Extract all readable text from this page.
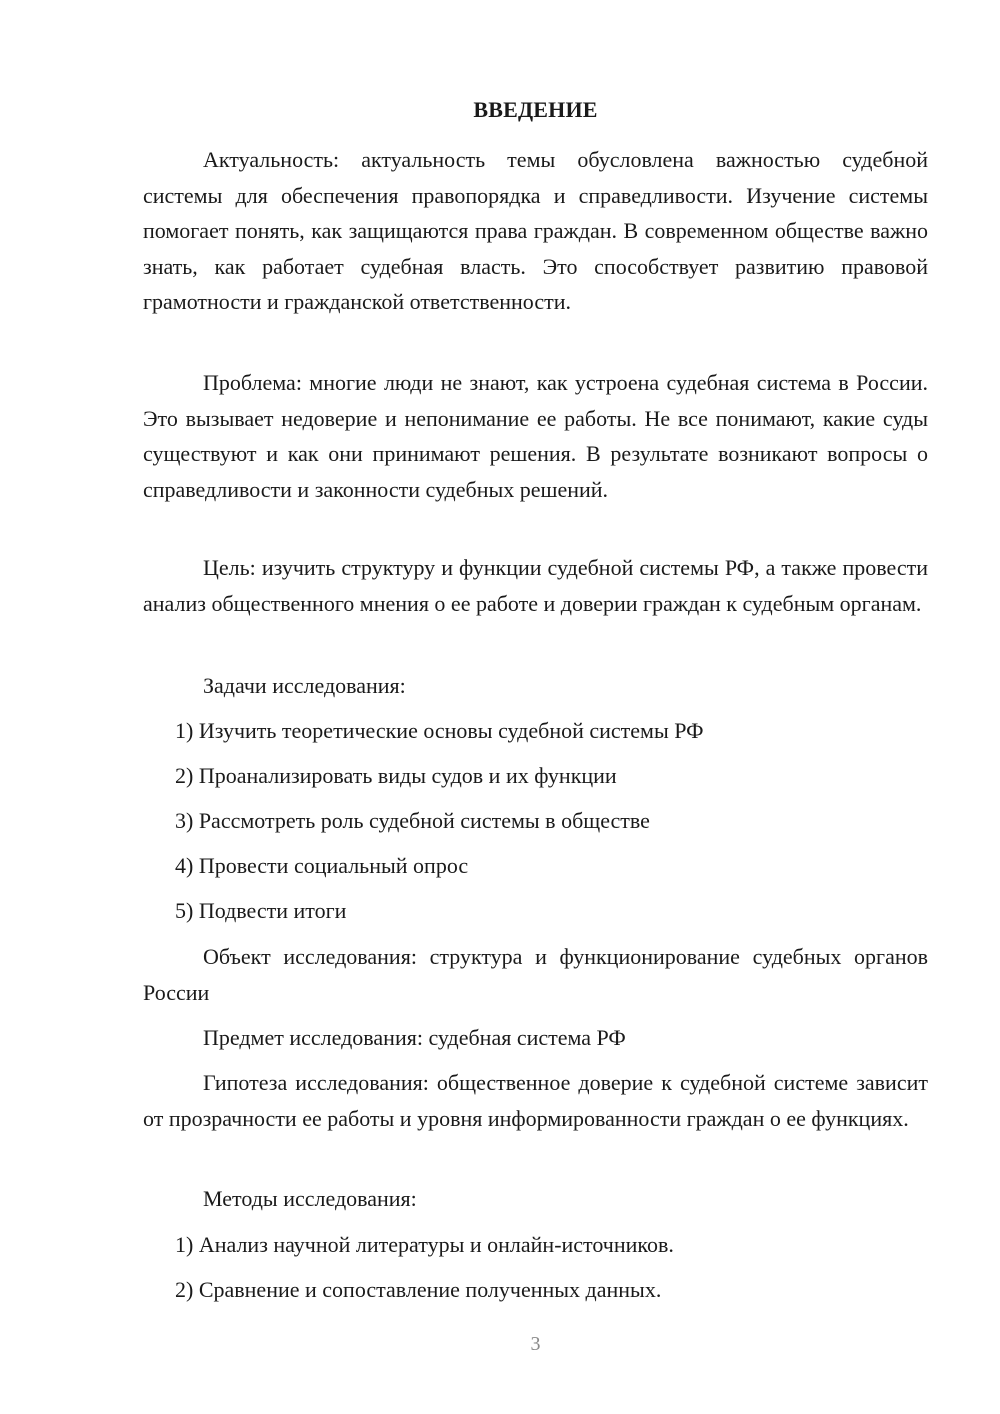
ВВЕДЕНИЕ

Актуальность: актуальность темы обусловлена важностью судебной системы для обеспечения правопорядка и справедливости. Изучение системы помогает понять, как защищаются права граждан. В современном обществе важно знать, как работает судебная власть. Это способствует развитию правовой грамотности и гражданской ответственности.

Проблема: многие люди не знают, как устроена судебная система в России. Это вызывает недоверие и непонимание ее работы. Не все понимают, какие суды существуют и как они принимают решения. В результате возникают вопросы о справедливости и законности судебных решений.

Цель: изучить структуру и функции судебной системы РФ, а также провести анализ общественного мнения о ее работе и доверии граждан к судебным органам.

Задачи исследования:
1) Изучить теоретические основы судебной системы РФ
2) Проанализировать виды судов и их функции
3) Рассмотреть роль судебной системы в обществе
4) Провести социальный опрос
5) Подвести итоги

Объект исследования: структура и функционирование судебных органов России

Предмет исследования: судебная система РФ

Гипотеза исследования: общественное доверие к судебной системе зависит от прозрачности ее работы и уровня информированности граждан о ее функциях.

Методы исследования:
1) Анализ научной литературы и онлайн-источников.
2) Сравнение и сопоставление полученных данных.
3
